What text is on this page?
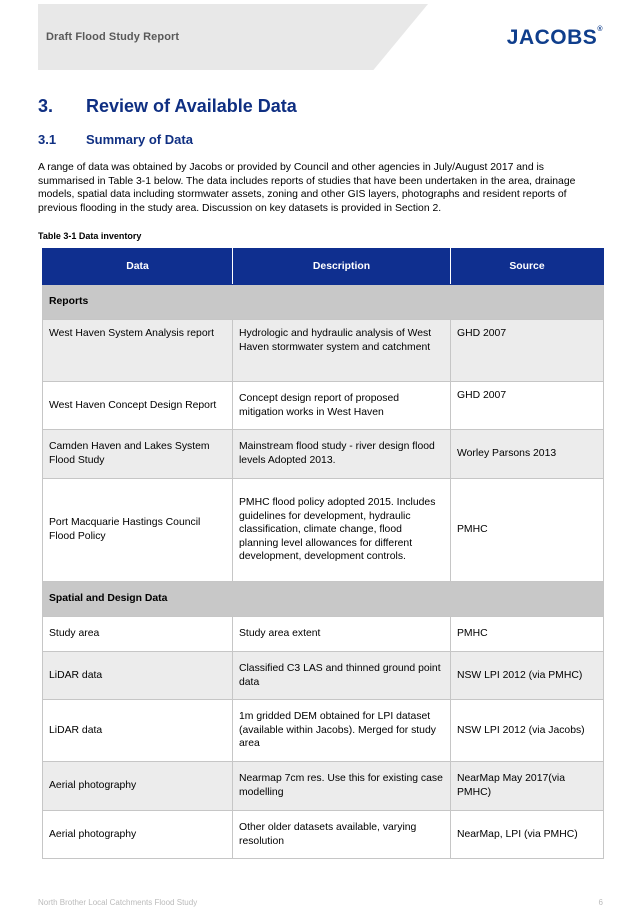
Draft Flood Study Report	JACOBS®
3. Review of Available Data
3.1 Summary of Data
A range of data was obtained by Jacobs or provided by Council and other agencies in July/August 2017 and is summarised in Table 3-1 below. The data includes reports of studies that have been undertaken in the area, drainage models, spatial data including stormwater assets, zoning and other GIS layers, photographs and resident reports of previous flooding in the study area. Discussion on key datasets is provided in Section 2.
Table 3-1 Data inventory
Data	Description	Source
Reports		
West Haven System Analysis report	Hydrologic and hydraulic analysis of West Haven stormwater system and catchment	GHD 2007
West Haven Concept Design Report	Concept design report of proposed mitigation works in West Haven	GHD 2007
Camden Haven and Lakes System Flood Study	Mainstream flood study - river design flood levels Adopted 2013.	Worley Parsons 2013
Port Macquarie Hastings Council Flood Policy	PMHC flood policy adopted 2015. Includes guidelines for development, hydraulic classification, climate change, flood planning level allowances for different development, development controls.	PMHC
Spatial and Design Data		
Study area	Study area extent	PMHC
LiDAR data	Classified C3 LAS and thinned ground point data	NSW LPI 2012 (via PMHC)
LiDAR data	1m gridded DEM obtained for LPI dataset (available within Jacobs). Merged for study area	NSW LPI 2012 (via Jacobs)
Aerial photography	Nearmap 7cm res. Use this for existing case modelling	NearMap May 2017(via PMHC)
Aerial photography	Other older datasets available, varying resolution	NearMap, LPI (via PMHC)
North Brother Local Catchments Flood Study	6
